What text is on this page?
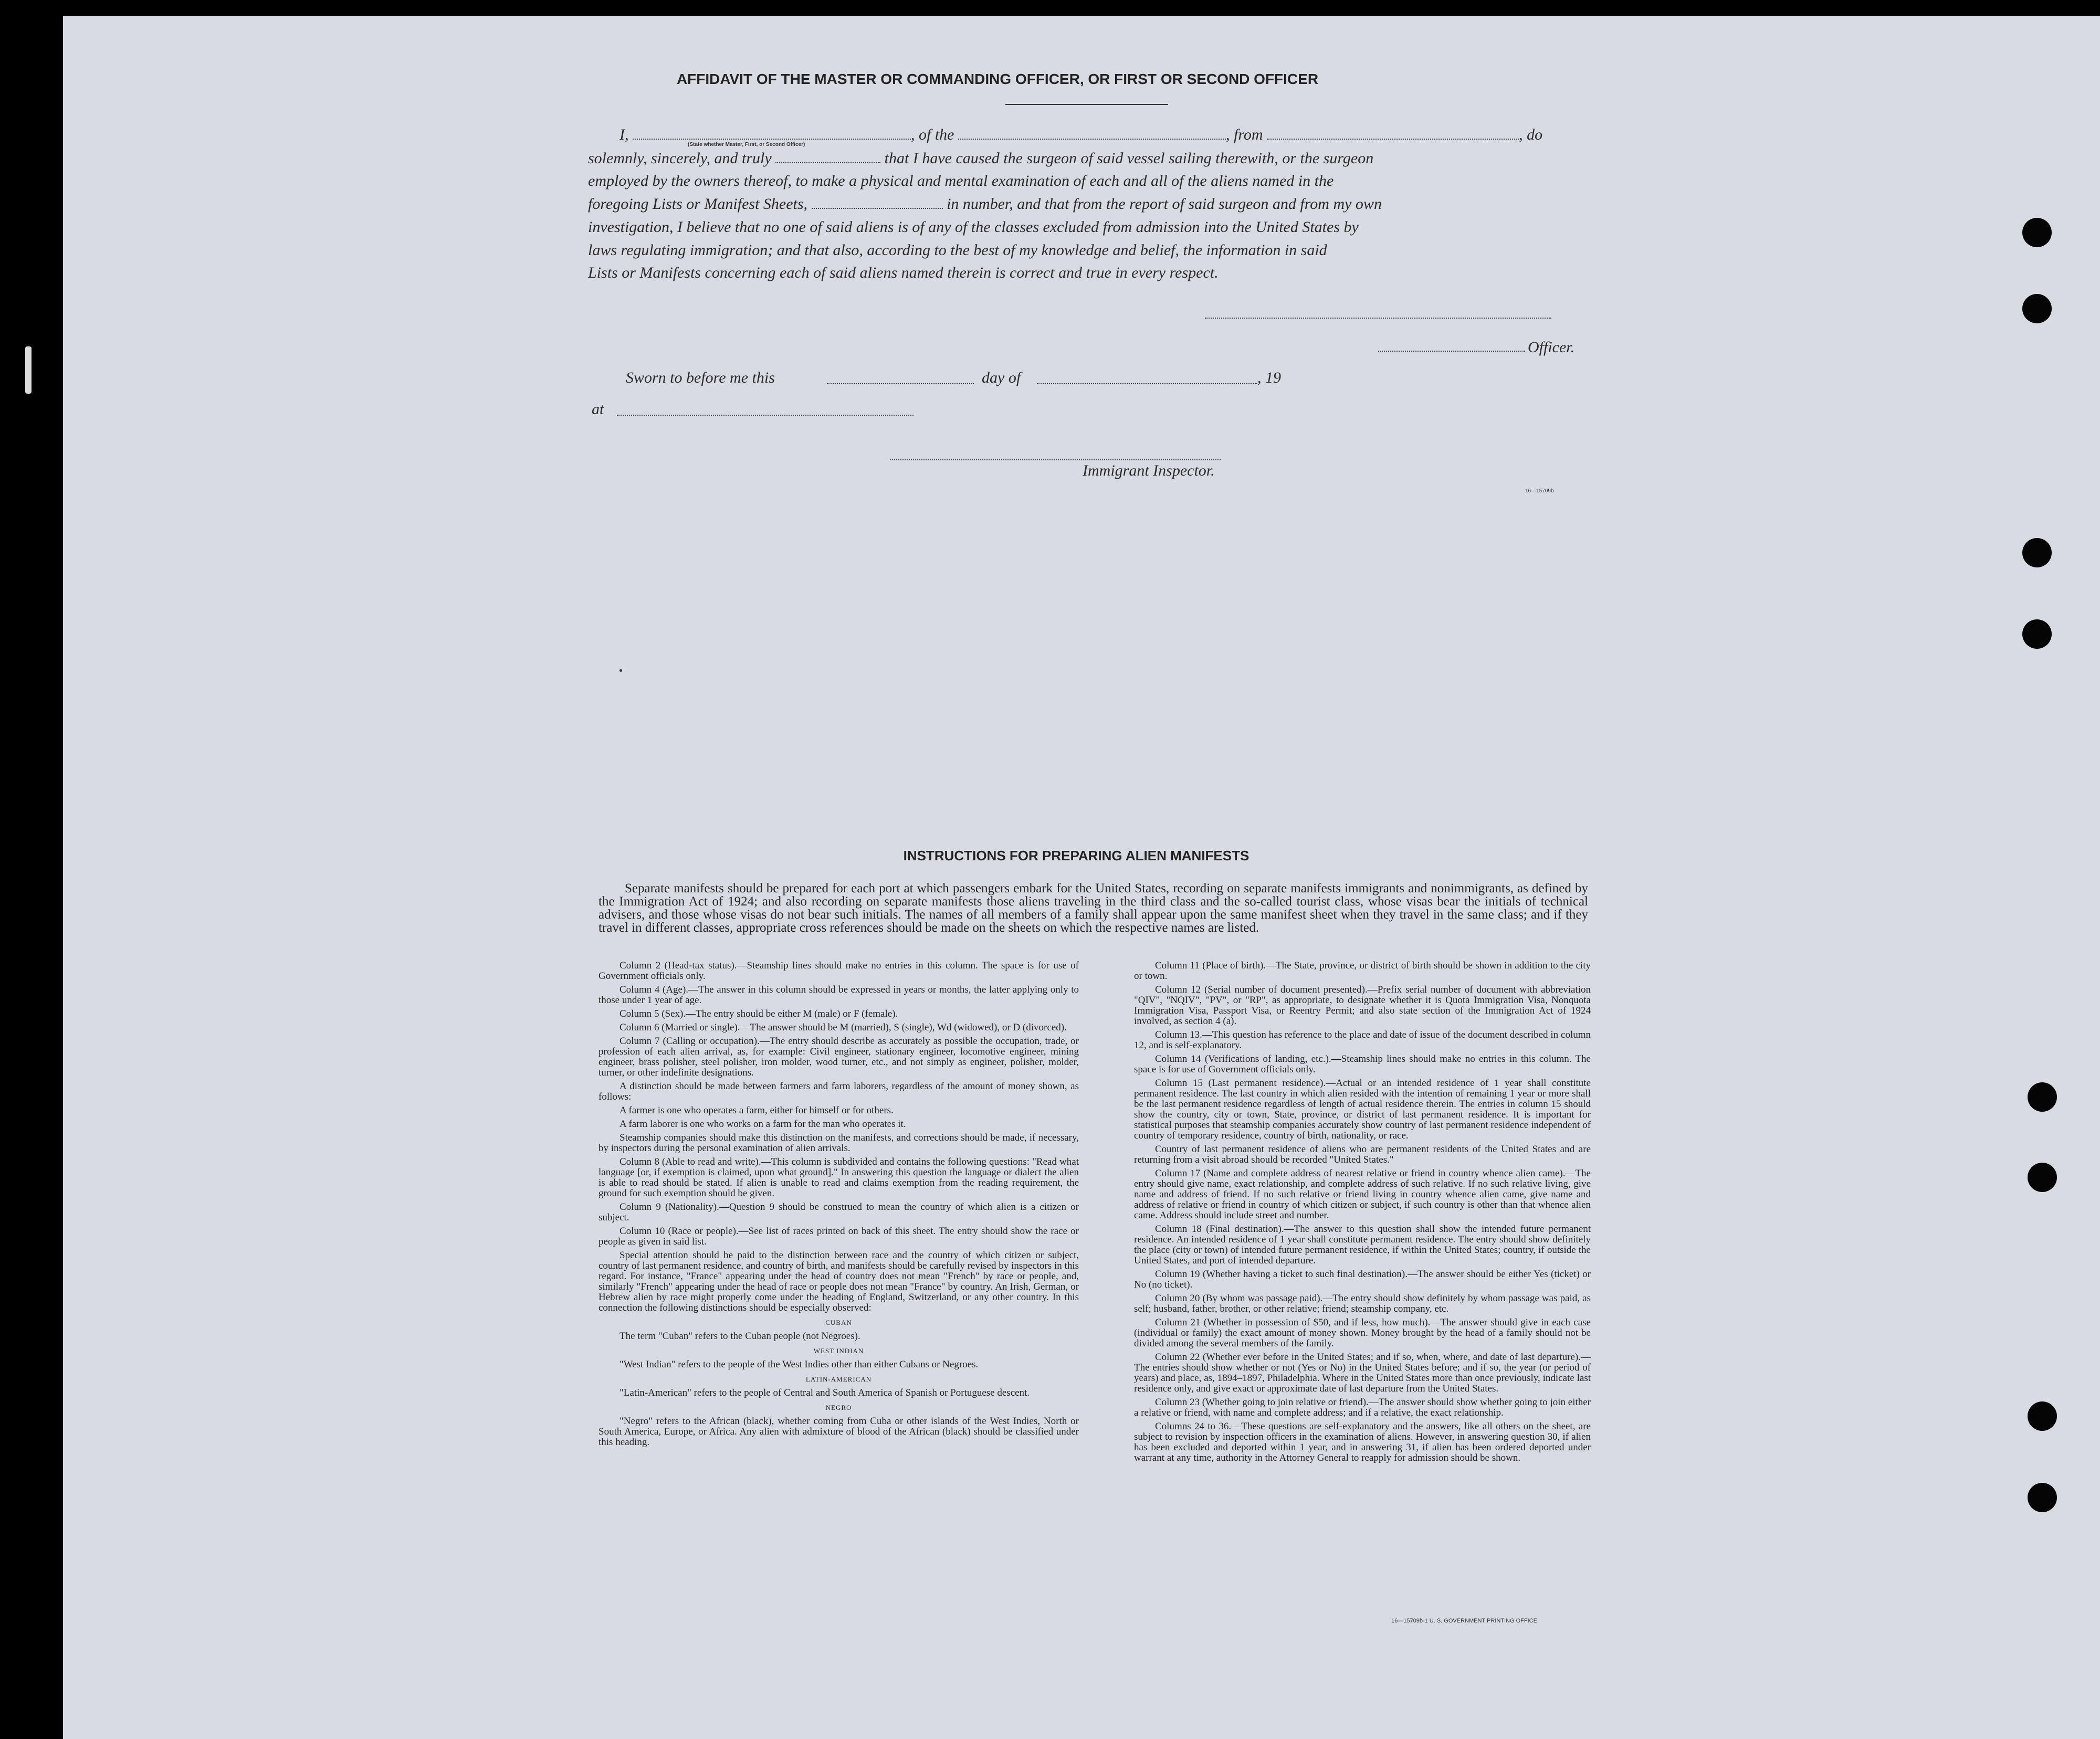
AFFIDAVIT OF THE MASTER OR COMMANDING OFFICER, OR FIRST OR SECOND OFFICER
I,	, of the	, from	, do
(State whether Master, First, or Second Officer)
solemnly, sincerely, and truly	that I have caused the surgeon of said vessel sailing therewith, or the surgeon
employed by the owners thereof, to make a physical and mental examination of each and all of the aliens named in the
foregoing Lists or Manifest Sheets,	in number, and that from the report of said surgeon and from my own
investigation, I believe that no one of said aliens is of any of the classes excluded from admission into the United States by
laws regulating immigration; and that also, according to the best of my knowledge and belief, the information in said
Lists or Manifests concerning each of said aliens named therein is correct and true in every respect.
Officer.
Sworn to before me this	day of	, 19
at
Immigrant Inspector.
16—15709b
INSTRUCTIONS FOR PREPARING ALIEN MANIFESTS
Separate manifests should be prepared for each port at which passengers embark for the United States, recording on separate manifests immigrants and nonimmigrants, as defined by the Immigration Act of 1924; and also recording on separate manifests those aliens traveling in the third class and the so-called tourist class, whose visas bear the initials of technical advisers, and those whose visas do not bear such initials. The names of all members of a family shall appear upon the same manifest sheet when they travel in the same class; and if they travel in different classes, appropriate cross references should be made on the sheets on which the respective names are listed.

Column 2 (Head-tax status).—Steamship lines should make no entries in this column. The space is for use of Government officials only.

Column 4 (Age).—The answer in this column should be expressed in years or months, the latter applying only to those under 1 year of age.

Column 5 (Sex).—The entry should be either M (male) or F (female).

Column 6 (Married or single).—The answer should be M (married), S (single), Wd (widowed), or D (divorced).

Column 7 (Calling or occupation).—The entry should describe as accurately as possible the occupation, trade, or profession of each alien arrival, as, for example: Civil engineer, stationary engineer, locomotive engineer, mining engineer, brass polisher, steel polisher, iron molder, wood turner, etc., and not simply as engineer, polisher, molder, turner, or other indefinite designations.

A distinction should be made between farmers and farm laborers, regardless of the amount of money shown, as follows:

A farmer is one who operates a farm, either for himself or for others.

A farm laborer is one who works on a farm for the man who operates it.

Steamship companies should make this distinction on the manifests, and corrections should be made, if necessary, by inspectors during the personal examination of alien arrivals.

Column 8 (Able to read and write).—This column is subdivided and contains the following questions: "Read what language [or, if exemption is claimed, upon what ground]." In answering this question the language or dialect the alien is able to read should be stated. If alien is unable to read and claims exemption from the reading requirement, the ground for such exemption should be given.

Column 9 (Nationality).—Question 9 should be construed to mean the country of which alien is a citizen or subject.

Column 10 (Race or people).—See list of races printed on back of this sheet. The entry should show the race or people as given in said list.

Special attention should be paid to the distinction between race and the country of which citizen or subject, country of last permanent residence, and country of birth, and manifests should be carefully revised by inspectors in this regard. For instance, "France" appearing under the head of country does not mean "French" by race or people, and, similarly "French" appearing under the head of race or people does not mean "France" by country. An Irish, German, or Hebrew alien by race might properly come under the heading of England, Switzerland, or any other country. In this connection the following distinctions should be especially observed:

CUBAN

The term "Cuban" refers to the Cuban people (not Negroes).

WEST INDIAN

"West Indian" refers to the people of the West Indies other than either Cubans or Negroes.

LATIN-AMERICAN

"Latin-American" refers to the people of Central and South America of Spanish or Portuguese descent.

NEGRO

"Negro" refers to the African (black), whether coming from Cuba or other islands of the West Indies, North or South America, Europe, or Africa. Any alien with admixture of blood of the African (black) should be classified under this heading.

Column 11 (Place of birth).—The State, province, or district of birth should be shown in addition to the city or town.

Column 12 (Serial number of document presented).—Prefix serial number of document with abbreviation "QIV", "NQIV", "PV", or "RP", as appropriate, to designate whether it is Quota Immigration Visa, Nonquota Immigration Visa, Passport Visa, or Reentry Permit; and also state section of the Immigration Act of 1924 involved, as section 4 (a).

Column 13.—This question has reference to the place and date of issue of the document described in column 12, and is self-explanatory.

Column 14 (Verifications of landing, etc.).—Steamship lines should make no entries in this column. The space is for use of Government officials only.

Column 15 (Last permanent residence).—Actual or an intended residence of 1 year shall constitute permanent residence. The last country in which alien resided with the intention of remaining 1 year or more shall be the last permanent residence regardless of length of actual residence therein. The entries in column 15 should show the country, city or town, State, province, or district of last permanent residence. It is important for statistical purposes that steamship companies accurately show country of last permanent residence independent of country of temporary residence, country of birth, nationality, or race.

Country of last permanent residence of aliens who are permanent residents of the United States and are returning from a visit abroad should be recorded "United States."

Column 17 (Name and complete address of nearest relative or friend in country whence alien came).—The entry should give name, exact relationship, and complete address of such relative. If no such relative living, give name and address of friend. If no such relative or friend living in country whence alien came, give name and address of relative or friend in country of which citizen or subject, if such country is other than that whence alien came. Address should include street and number.

Column 18 (Final destination).—The answer to this question shall show the intended future permanent residence. An intended residence of 1 year shall constitute permanent residence. The entry should show definitely the place (city or town) of intended future permanent residence, if within the United States; country, if outside the United States, and port of intended departure.

Column 19 (Whether having a ticket to such final destination).—The answer should be either Yes (ticket) or No (no ticket).

Column 20 (By whom was passage paid).—The entry should show definitely by whom passage was paid, as self; husband, father, brother, or other relative; friend; steamship company, etc.

Column 21 (Whether in possession of $50, and if less, how much).—The answer should give in each case (individual or family) the exact amount of money shown. Money brought by the head of a family should not be divided among the several members of the family.

Column 22 (Whether ever before in the United States; and if so, when, where, and date of last departure).—The entries should show whether or not (Yes or No) in the United States before; and if so, the year (or period of years) and place, as, 1894–1897, Philadelphia. Where in the United States more than once previously, indicate last residence only, and give exact or approximate date of last departure from the United States.

Column 23 (Whether going to join relative or friend).—The answer should show whether going to join either a relative or friend, with name and complete address; and if a relative, the exact relationship.

Columns 24 to 36.—These questions are self-explanatory and the answers, like all others on the sheet, are subject to revision by inspection officers in the examination of aliens. However, in answering question 30, if alien has been excluded and deported within 1 year, and in answering 31, if alien has been ordered deported under warrant at any time, authority in the Attorney General to reapply for admission should be shown.

16—15709b-1 U. S. GOVERNMENT PRINTING OFFICE
